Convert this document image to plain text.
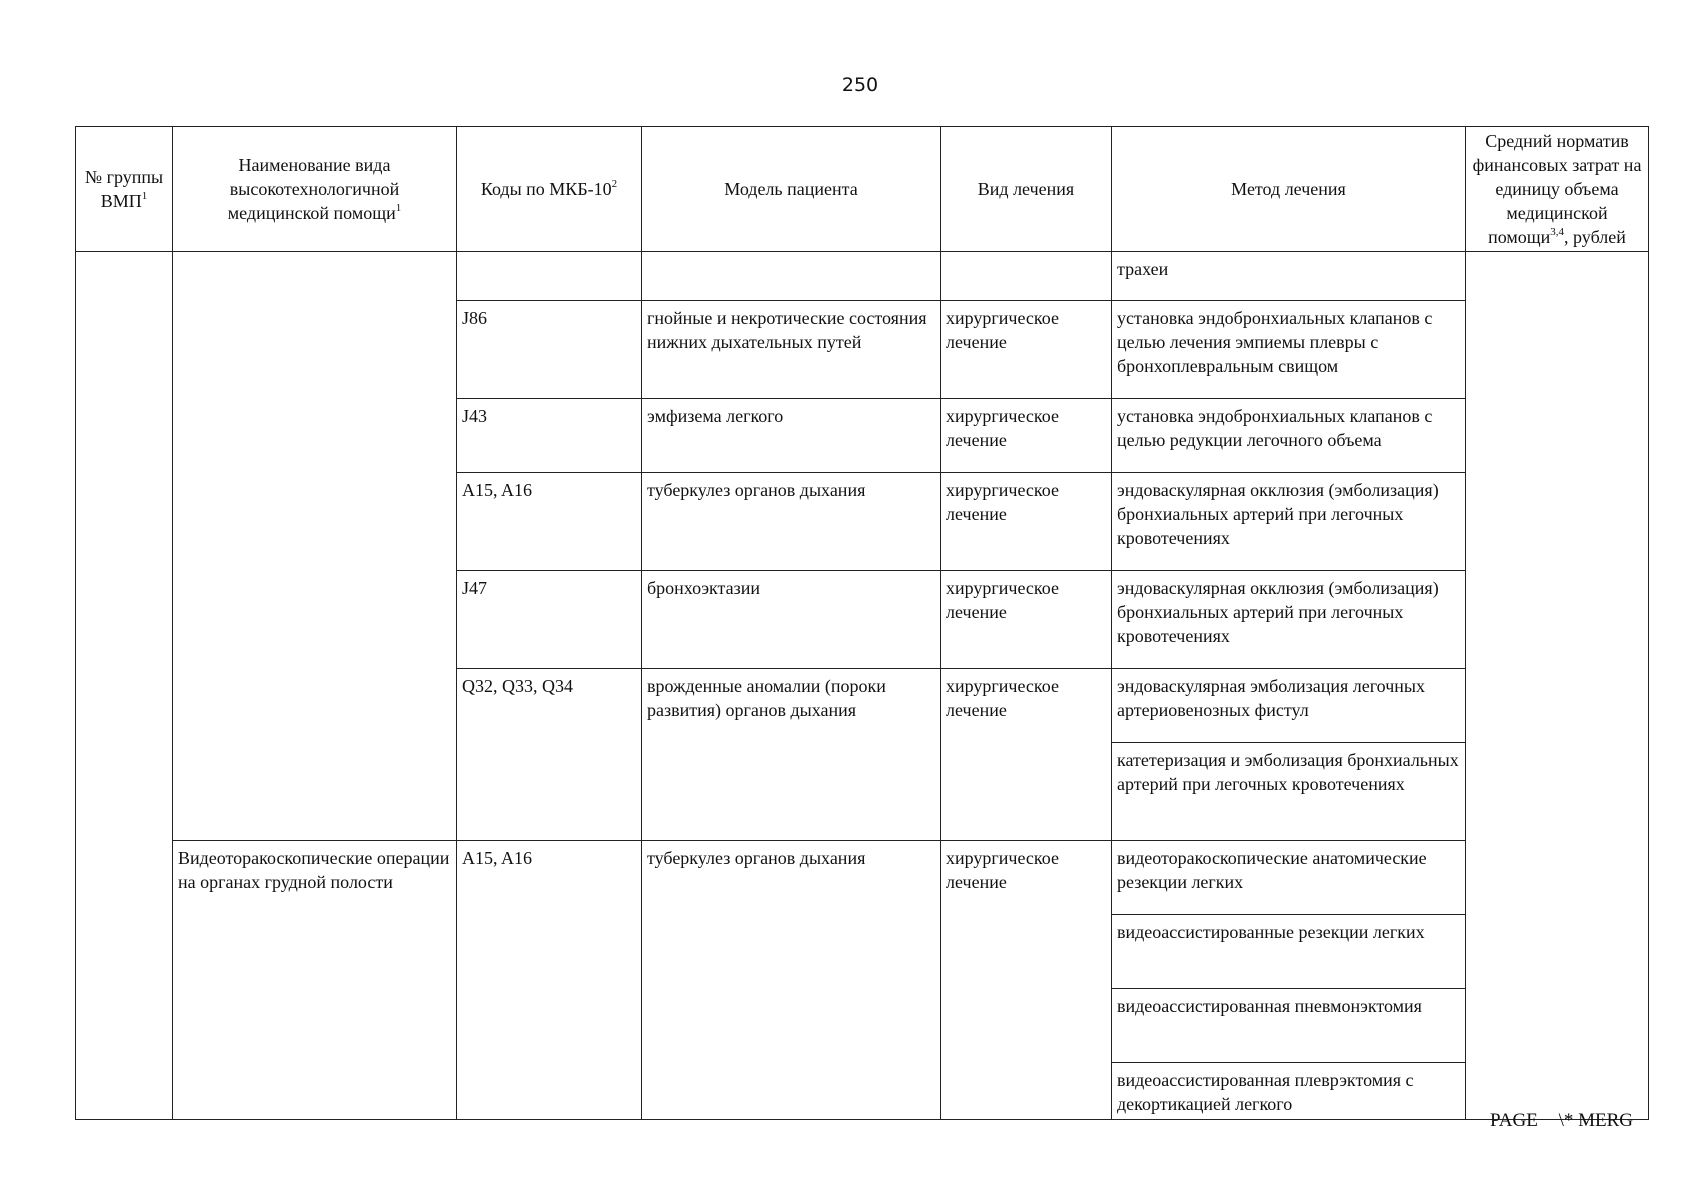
250
№ группы ВМП$^1$	Наименование вида высокотехнологичной медицинской помощи$^1$	Коды по МКБ-$10^2$	Модель пациента	Вид лечения	Метод лечения	Средний норматив финансовых затрат на единицу объема медицинской помощи$^{3,4}$, рублей
					трахеи	
		J86	гнойные и некротические состояния нижних дыхательных путей	хирургическое лечение	установка эндобронхиальных клапанов с целью лечения эмпиемы плевры с бронхоплевральным свищом	
		J43	эмфизема легкого	хирургическое лечение	установка эндобронхиальных клапанов с целью редукции легочного объема	
		A15, A16	туберкулез органов дыхания	хирургическое лечение	эндоваскулярная окклюзия (эмболизация) бронхиальных артерий при легочных кровотечениях	
		J47	бронхоэктазии	хирургическое лечение	эндоваскулярная окклюзия (эмболизация) бронхиальных артерий при легочных кровотечениях	
		Q32, Q33, Q34	врожденные аномалии (пороки развития) органов дыхания	хирургическое лечение	эндоваскулярная эмболизация легочных артериовенозных фистул	
					катетеризация и эмболизация бронхиальных артерий при легочных кровотечениях	
	Видеоторакоскопические операции на органах грудной полости	A15, A16	туберкулез органов дыхания	хирургическое лечение	видеоторакоскопические анатомические резекции легких	
					видеоассистированные резекции легких	
					видеоассистированная пневмонэктомия	
					видеоассистированная плеврэктомия с декортикацией легкого	
PAGE \* MERG
